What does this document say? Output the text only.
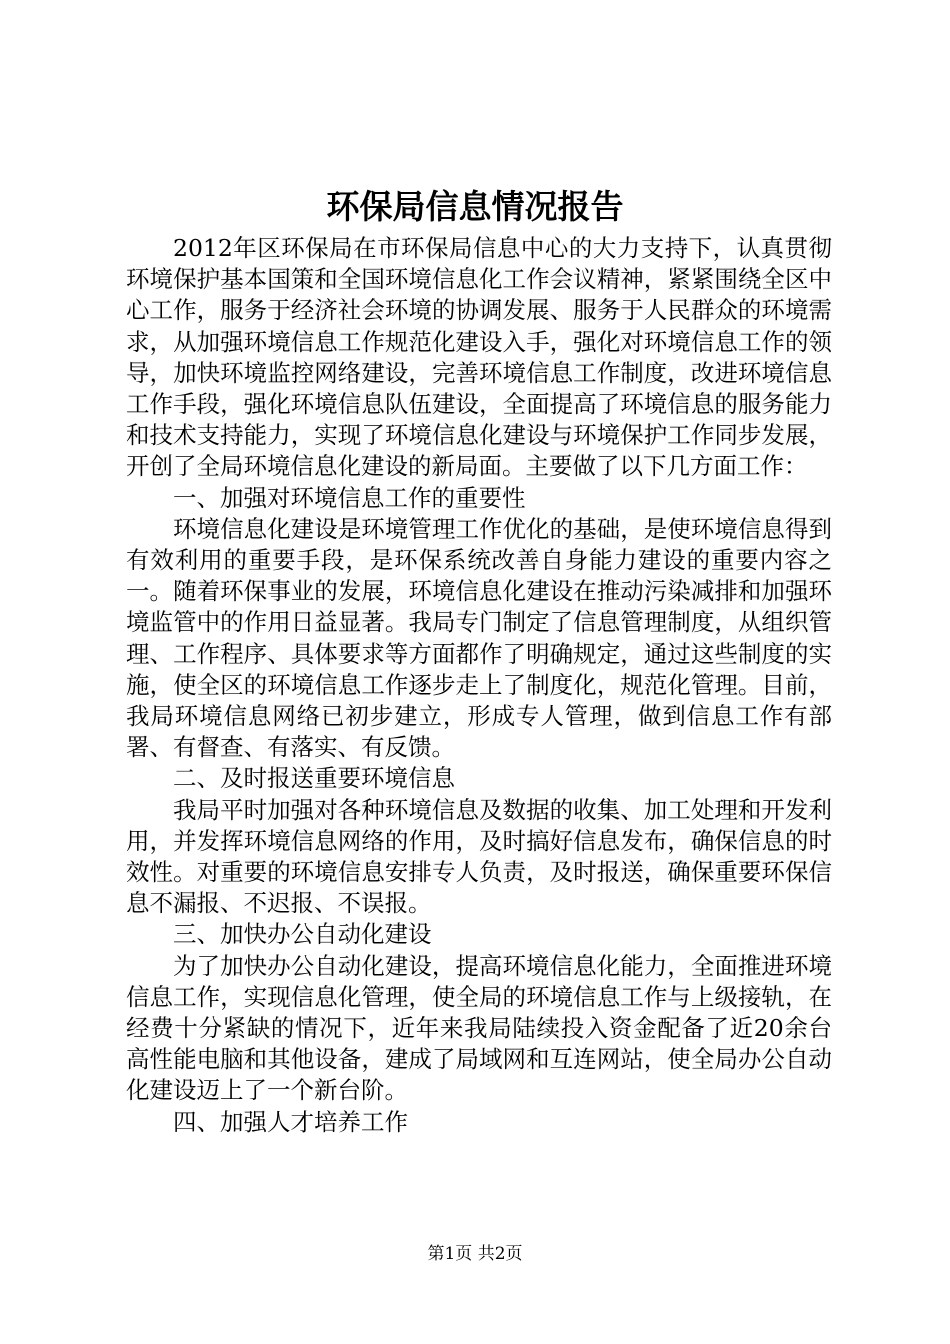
环保局信息情况报告

2012年区环保局在市环保局信息中心的大力支持下，认真贯彻环境保护基本国策和全国环境信息化工作会议精神，紧紧围绕全区中心工作，服务于经济社会环境的协调发展、服务于人民群众的环境需求，从加强环境信息工作规范化建设入手，强化对环境信息工作的领导，加快环境监控网络建设，完善环境信息工作制度，改进环境信息工作手段，强化环境信息队伍建设，全面提高了环境信息的服务能力和技术支持能力，实现了环境信息化建设与环境保护工作同步发展，开创了全局环境信息化建设的新局面。主要做了以下几方面工作：

一、加强对环境信息工作的重要性

环境信息化建设是环境管理工作优化的基础，是使环境信息得到有效利用的重要手段，是环保系统改善自身能力建设的重要内容之一。随着环保事业的发展，环境信息化建设在推动污染减排和加强环境监管中的作用日益显著。我局专门制定了信息管理制度，从组织管理、工作程序、具体要求等方面都作了明确规定，通过这些制度的实施，使全区的环境信息工作逐步走上了制度化，规范化管理。目前，我局环境信息网络已初步建立，形成专人管理，做到信息工作有部署、有督查、有落实、有反馈。

二、及时报送重要环境信息

我局平时加强对各种环境信息及数据的收集、加工处理和开发利用，并发挥环境信息网络的作用，及时搞好信息发布，确保信息的时效性。对重要的环境信息安排专人负责，及时报送，确保重要环保信息不漏报、不迟报、不误报。

三、加快办公自动化建设

为了加快办公自动化建设，提高环境信息化能力，全面推进环境信息工作，实现信息化管理，使全局的环境信息工作与上级接轨，在经费十分紧缺的情况下，近年来我局陆续投入资金配备了近20余台高性能电脑和其他设备，建成了局域网和互连网站，使全局办公自动化建设迈上了一个新台阶。

四、加强人才培养工作

第1页 共2页
